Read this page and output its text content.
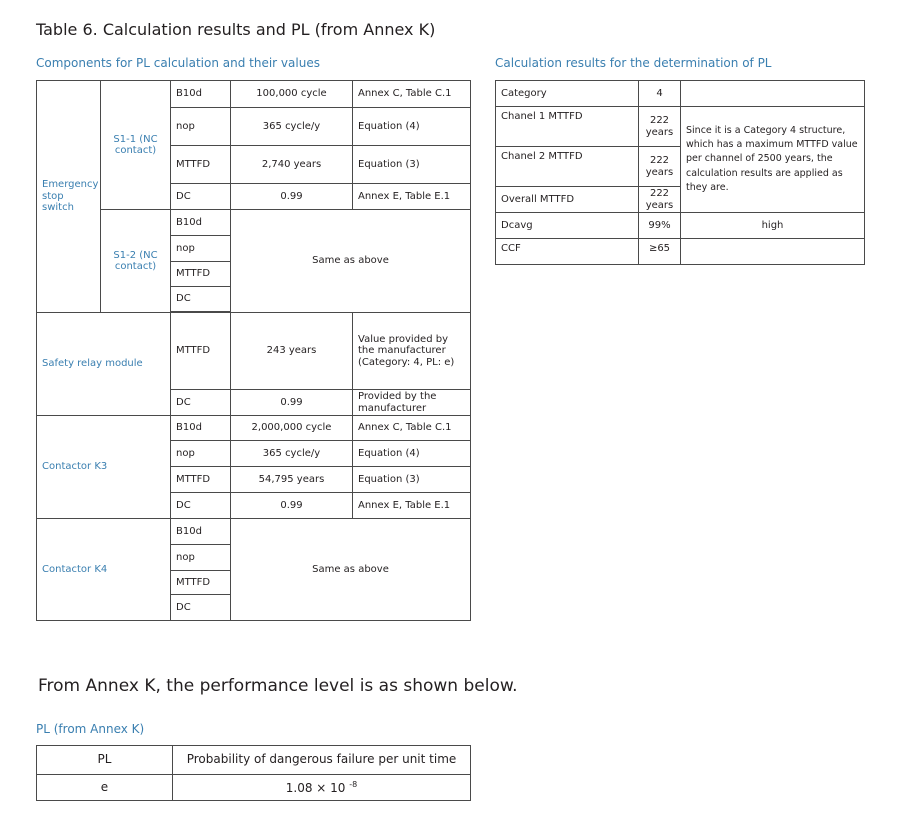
Table 6. Calculation results and PL (from Annex K)
Components for PL calculation and their values	Calculation results for the determination of PL
Emergency stop switch	S1-1 (NC contact)	B10d	100,000 cycle	Annex C, Table C.1
		nop	365 cycle/y	Equation (4)
		MTTFD	2,740 years	Equation (3)
		DC	0.99	Annex E, Table E.1
	S1-2 (NC contact)	B10d	Same as above	
		nop		
		MTTFD		
		DC		

Safety relay module		MTTFD	243 years	Value provided by the manufacturer (Category: 4, PL: e)
		DC	0.99	Provided by the manufacturer
Contactor K3		B10d	2,000,000 cycle	Annex C, Table C.1
		nop	365 cycle/y	Equation (4)
		MTTFD	54,795 years	Equation (3)
		DC	0.99	Annex E, Table E.1
Contactor K4		B10d	Same as above	
		nop		
		MTTFD		
		DC		
Category	4	
Chanel 1 MTTFD	222 years	Since it is a Category 4 structure, which has a maximum MTTFD value per channel of 2500 years, the calculation results are applied as they are.
Chanel 2 MTTFD	222 years	
Overall MTTFD	222 years	
Dcavg	99%	high
CCF	≥65	
From Annex K, the performance level is as shown below.
PL (from Annex K)
PL	Probability of dangerous failure per unit time
e	1.08 × 10 $^{-8}$
